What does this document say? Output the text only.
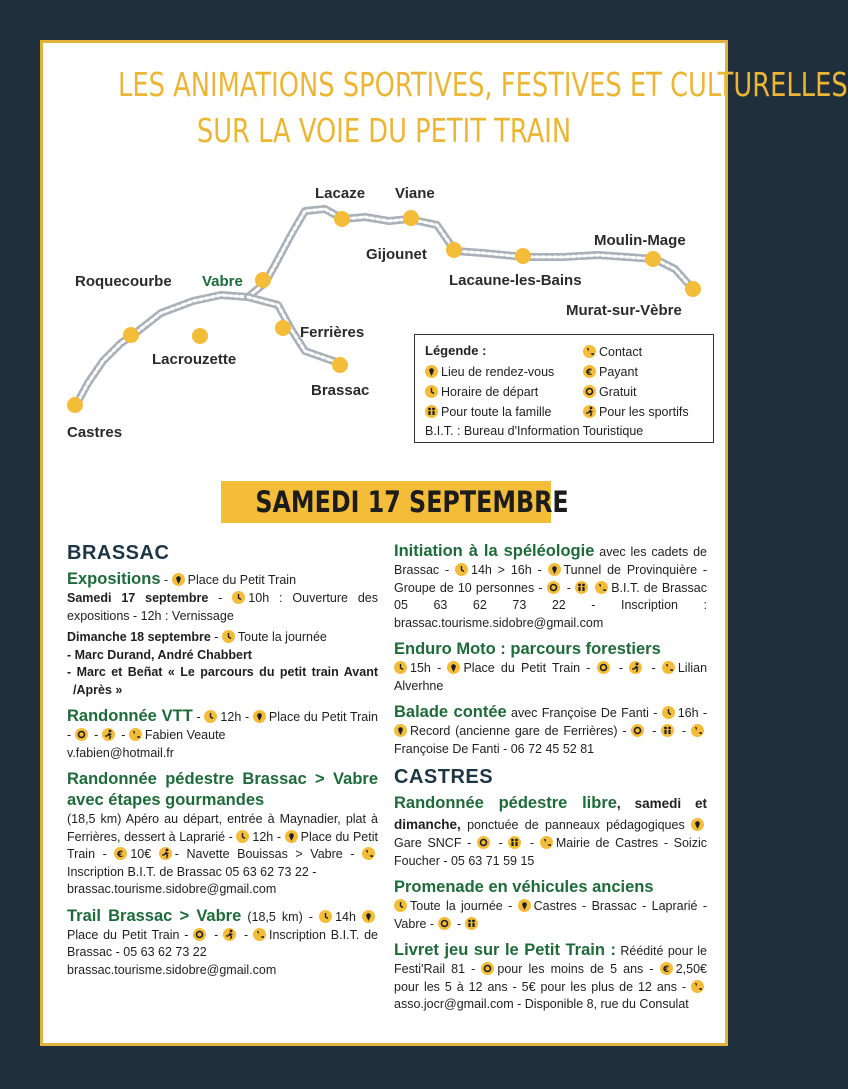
LES ANIMATIONS SPORTIVES, FESTIVES ET CULTURELLES
SUR LA VOIE DU PETIT TRAIN
Lacaze Viane
Gijounet
Moulin-Mage
Lacaune-les-Bains
Murat-sur-Vèbre
Roquecourbe Vabre
Ferrières
Lacrouzette
Brassac
Castres
Légende :
Lieu de rendez-vous
Horaire de départ
Pour toute la famille
Contact
€ Payant
Gratuit
Pour les sportifs
B.I.T. : Bureau d'Information Touristique
SAMEDI 17 SEPTEMBRE
BRASSAC
Expositions -
Place du Petit Train
Samedi 17 septembre -
10h : Ouverture des expositions - 12h : Vernissage
Dimanche 18 septembre -
Toute la journée
- Marc Durand, André Chabbert
- Marc et Beñat « Le parcours du petit train Avant /Après »
Randonnée VTT -
12h - Place du Petit Train -
-
-
Fabien Veaute
v.fabien@hotmail.fr
Randonnée pédestre Brassac > Vabre avec étapes gourmandes
(18,5 km) Apéro au départ, entrée à Maynadier, plat à Ferrières, dessert à Laprarié - 12h - Place du Petit Train - € 10€ - Navette Bouissas > Vabre -
Inscription B.I.T. de Brassac 05 63 62 73 22 -
brassac.tourisme.sidobre@gmail.com
Trail Brassac > Vabre (18,5 km) - 14h
Place du Petit Train -
-
-
Inscription B.I.T. de Brassac - 05 63 62 73 22
brassac.tourisme.sidobre@gmail.com
Initiation à la spéléologie avec les cadets de Brassac - 14h > 16h - Tunnel de Provinquière - Groupe de 10 personnes -
-
	B.I.T. de Brassac 05 63 62 73 22 - Inscription : brassac.tourisme.sidobre@gmail.com
Enduro Moto : parcours forestiers
15h - Place du Petit Train -
-
-
Lilian Alverhne
Balade contée avec Françoise De Fanti - 16h -
Record (ancienne gare de Ferrières) -
-
-
Françoise De Fanti - 06 72 45 52 81
CASTRES
Randonnée pédestre libre, samedi et dimanche, ponctuée de panneaux pédagogiques
Gare SNCF -
-
-
Mairie de Castres - Soizic Foucher - 05 63 71 59 15
Promenade en véhicules anciens
Toute la journée - Castres - Brassac - Laprarié - Vabre -
-
Livret jeu sur le Petit Train : Réédité pour le Festi'Rail 81 - pour les moins de 5 ans - € 2,50€ pour les 5 à 12 ans - 5€ pour les plus de 12 ans -
asso.jocr@gmail.com - Disponible 8, rue du Consulat
